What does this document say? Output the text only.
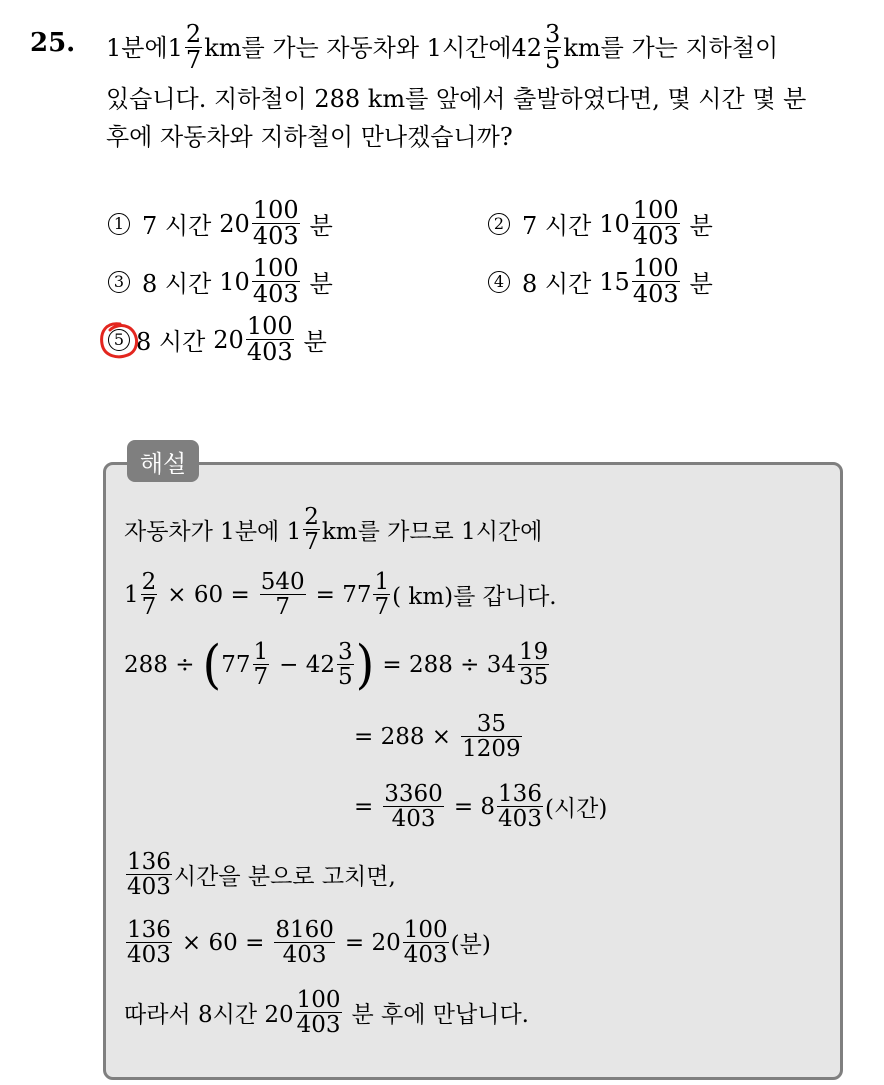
25. 1분에 $1 \frac{2}{7}$ km를 가는 자동차와 1시간에 $42 \frac{3}{5}$ km를 가는 지하철이
있습니다. 지하철이 288 km를 앞에서 출발하였다면, 몇 시간 몇 분
후에 자동차와 지하철이 만나겠습니까?
1 7 시간 $20 \frac{100}{403}$ 분	2 7 시간 $10 \frac{100}{403}$ 분
3 8 시간 $10 \frac{100}{403}$ 분	4 8 시간 $15 \frac{100}{403}$ 분
5 8 시간 $20 \frac{100}{403}$ 분
해설
자동차가 1분에 $1 \frac{2}{7}$ km를 가므로 1시간에
$1 \frac{2}{7} \times 60 = \frac{540}{7} = 77 \frac{1}{7}$ ( km)를 갑니다.
288 ÷ ( $77 \frac{1}{7} - 42 \frac{3}{5}$ ) = $288 \div 34 \frac{19}{35}$
= $288 \times \frac{35}{1209}$
= $\frac{3360}{403} = 8 \frac{136}{403}$ (시간)
$\frac{136}{403}$ 시간을 분으로 고치면,
$\frac{136}{403} \times 60 = \frac{8160}{403} = 20 \frac{100}{403}$ (분)
따라서 8시간 $20 \frac{100}{403}$ 분 후에 만납니다.
